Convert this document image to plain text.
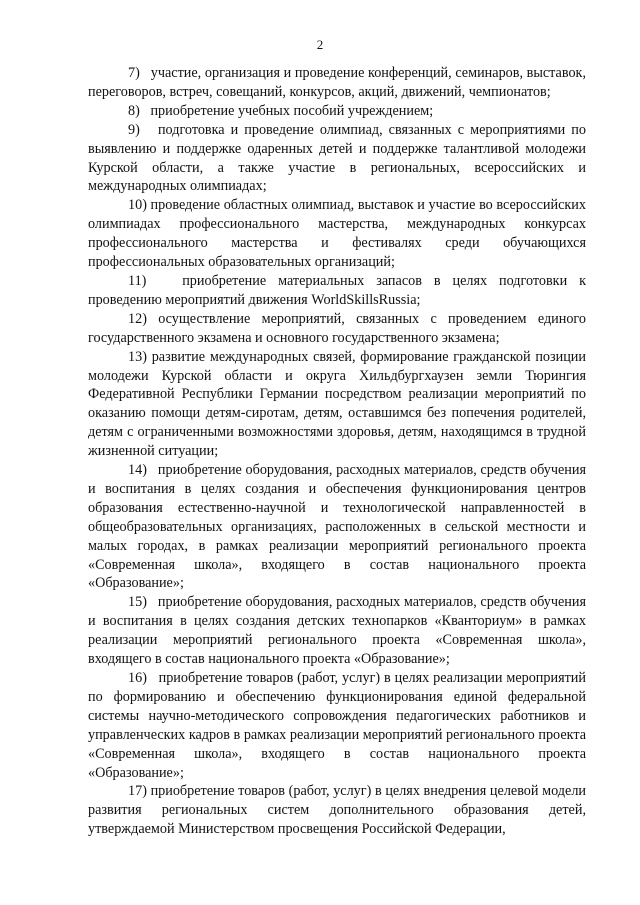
2

7)   участие, организация и проведение конференций, семинаров, выставок, переговоров, встреч, совещаний, конкурсов, акций, движений, чемпионатов;

8)   приобретение учебных пособий учреждением;

9)   подготовка и проведение олимпиад, связанных с мероприятиями по выявлению и поддержке одаренных детей и поддержке талантливой молодежи Курской области, а также участие в региональных, всероссийских и международных олимпиадах;

10) проведение областных олимпиад, выставок и участие во всероссийских олимпиадах профессионального мастерства, международных конкурсах профессионального мастерства и фестивалях среди обучающихся профессиональных образовательных организаций;

11)   приобретение материальных запасов в целях подготовки к проведению мероприятий движения WorldSkillsRussia;

12) осуществление мероприятий, связанных с проведением единого государственного экзамена и основного государственного экзамена;

13) развитие международных связей, формирование гражданской позиции молодежи Курской области и округа Хильдбургхаузен земли Тюрингия Федеративной Республики Германии посредством реализации мероприятий по оказанию помощи детям-сиротам, детям, оставшимся без попечения родителей, детям с ограниченными возможностями здоровья, детям, находящимся в трудной жизненной ситуации;

14)   приобретение оборудования, расходных материалов, средств обучения и воспитания в целях создания и обеспечения функционирования центров образования естественно-научной и технологической направленностей в общеобразовательных организациях, расположенных в сельской местности и малых городах, в рамках реализации мероприятий регионального проекта «Современная школа», входящего в состав национального проекта «Образование»;

15)   приобретение оборудования, расходных материалов, средств обучения и воспитания в целях создания детских технопарков «Кванториум» в рамках реализации мероприятий регионального проекта «Современная школа», входящего в состав национального проекта «Образование»;

16)   приобретение товаров (работ, услуг) в целях реализации мероприятий по формированию и обеспечению функционирования единой федеральной системы научно-методического сопровождения педагогических работников и управленческих кадров в рамках реализации мероприятий регионального проекта «Современная школа», входящего в состав национального проекта «Образование»;

17) приобретение товаров (работ, услуг) в целях внедрения целевой модели развития региональных систем дополнительного образования детей, утверждаемой Министерством просвещения Российской Федерации,
